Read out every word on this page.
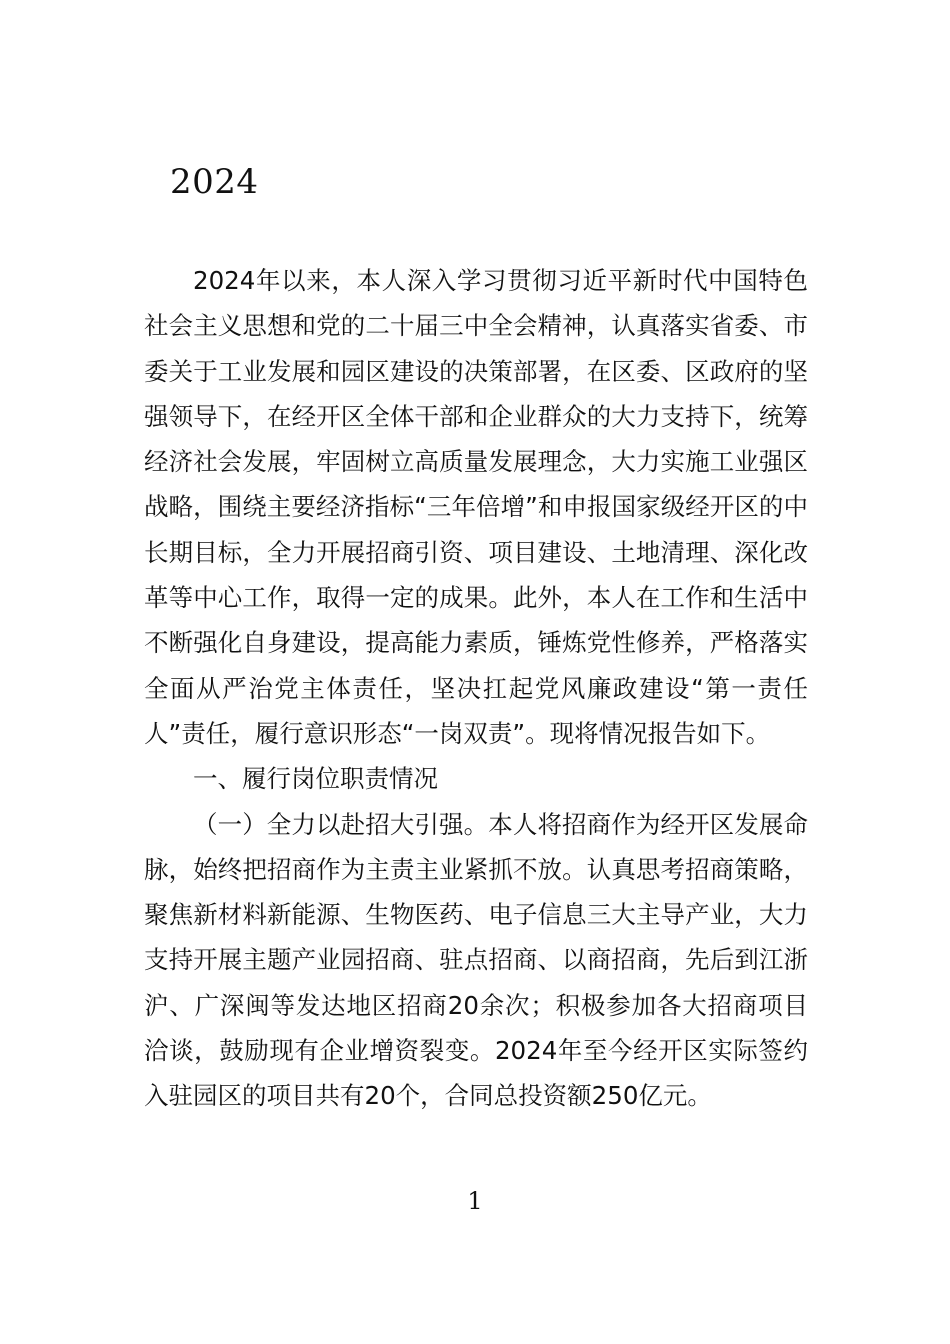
2024

2024年以来，本人深入学习贯彻习近平新时代中国特色社会主义思想和党的二十届三中全会精神，认真落实省委、市委关于工业发展和园区建设的决策部署，在区委、区政府的坚强领导下，在经开区全体干部和企业群众的大力支持下，统筹经济社会发展，牢固树立高质量发展理念，大力实施工业强区战略，围绕主要经济指标“三年倍增”和申报国家级经开区的中长期目标，全力开展招商引资、项目建设、土地清理、深化改革等中心工作，取得一定的成果。此外，本人在工作和生活中不断强化自身建设，提高能力素质，锤炼党性修养，严格落实全面从严治党主体责任，坚决扛起党风廉政建设“第一责任人”责任，履行意识形态“一岗双责”。现将情况报告如下。

一、履行岗位职责情况

（一）全力以赴招大引强。本人将招商作为经开区发展命脉，始终把招商作为主责主业紧抓不放。认真思考招商策略，聚焦新材料新能源、生物医药、电子信息三大主导产业，大力支持开展主题产业园招商、驻点招商、以商招商，先后到江浙沪、广深闽等发达地区招商20余次；积极参加各大招商项目洽谈，鼓励现有企业增资裂变。2024年至今经开区实际签约入驻园区的项目共有20个，合同总投资额250亿元。

1
